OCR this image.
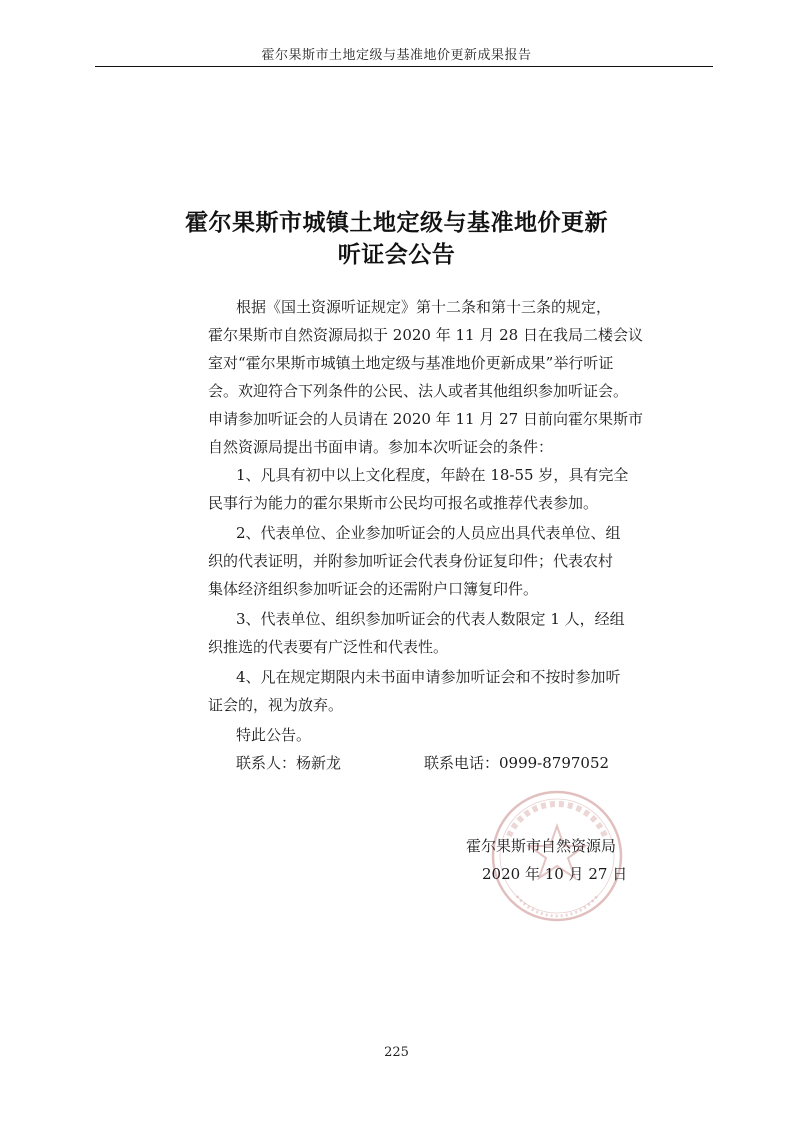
霍尔果斯市土地定级与基准地价更新成果报告
霍尔果斯市城镇土地定级与基准地价更新
听证会公告
根据《国土资源听证规定》第十二条和第十三条的规定，
霍尔果斯市自然资源局拟于 2020 年 11 月 28 日在我局二楼会议
室对“霍尔果斯市城镇土地定级与基准地价更新成果”举行听证
会。欢迎符合下列条件的公民、法人或者其他组织参加听证会。
申请参加听证会的人员请在 2020 年 11 月 27 日前向霍尔果斯市
自然资源局提出书面申请。参加本次听证会的条件：
1、凡具有初中以上文化程度，年龄在 18-55 岁，具有完全
民事行为能力的霍尔果斯市公民均可报名或推荐代表参加。
2、代表单位、企业参加听证会的人员应出具代表单位、组
织的代表证明，并附参加听证会代表身份证复印件；代表农村
集体经济组织参加听证会的还需附户口簿复印件。
3、代表单位、组织参加听证会的代表人数限定 1 人，经组
织推选的代表要有广泛性和代表性。
4、凡在规定期限内未书面申请参加听证会和不按时参加听
证会的，视为放弃。
特此公告。
联系人：杨新龙	联系电话：0999-8797052
霍尔果斯市自然资源局
2020 年 10 月 27 日
225
